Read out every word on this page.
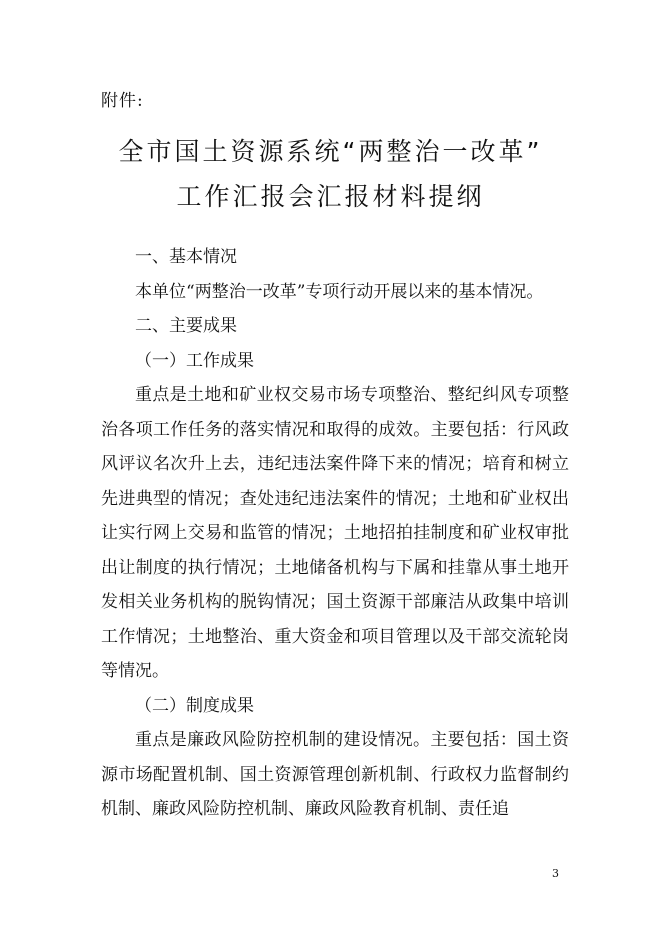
附件:
全市国土资源系统“两整治一改革”
工作汇报会汇报材料提纲

一、基本情况

本单位“两整治一改革”专项行动开展以来的基本情况。

二、主要成果

（一）工作成果

重点是土地和矿业权交易市场专项整治、整纪纠风专项整治各项工作任务的落实情况和取得的成效。主要包括：行风政风评议名次升上去，违纪违法案件降下来的情况；培育和树立先进典型的情况；查处违纪违法案件的情况；土地和矿业权出让实行网上交易和监管的情况；土地招拍挂制度和矿业权审批出让制度的执行情况；土地储备机构与下属和挂靠从事土地开发相关业务机构的脱钩情况；国土资源干部廉洁从政集中培训工作情况；土地整治、重大资金和项目管理以及干部交流轮岗等情况。

（二）制度成果

重点是廉政风险防控机制的建设情况。主要包括：国土资源市场配置机制、国土资源管理创新机制、行政权力监督制约机制、廉政风险防控机制、廉政风险教育机制、责任追

3
